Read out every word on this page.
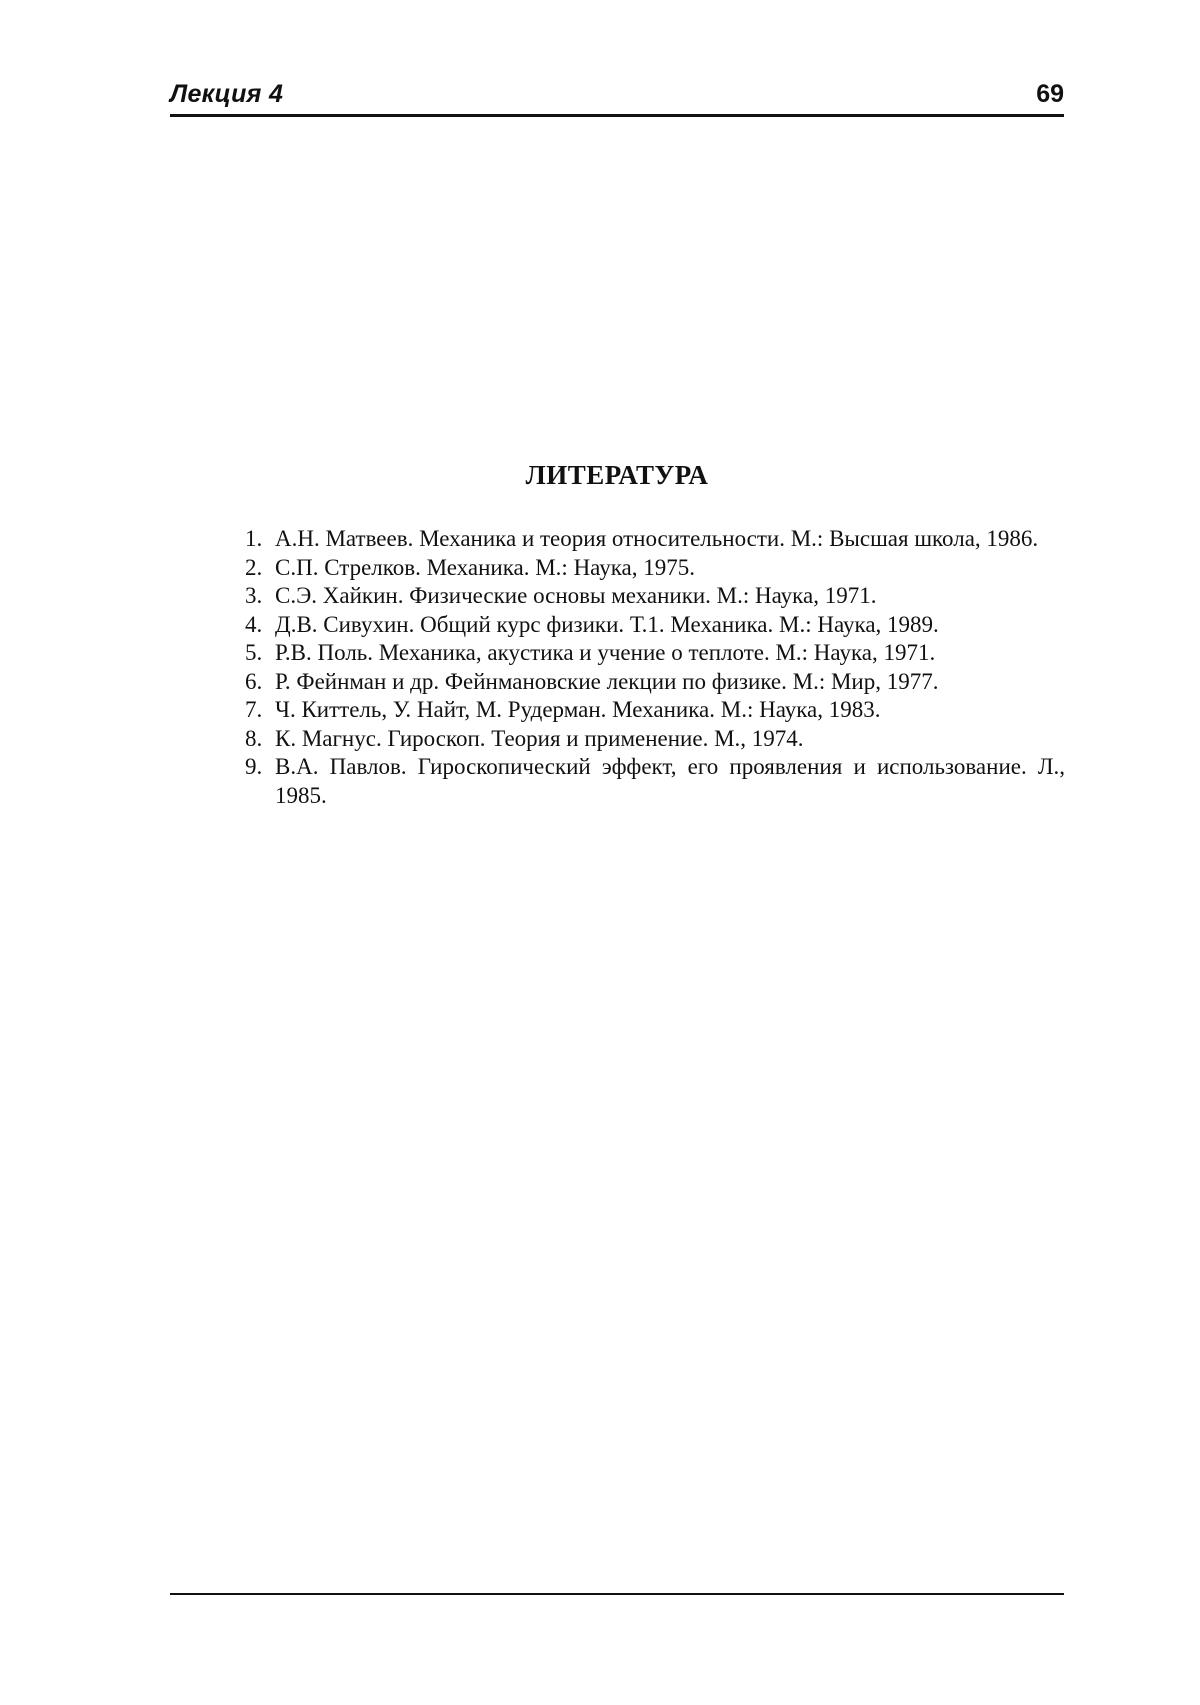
Лекция 4	69
ЛИТЕРАТУРА
1. А.Н. Матвеев. Механика и теория относительности. М.: Высшая школа, 1986.
2. С.П. Стрелков. Механика. М.: Наука, 1975.
3. С.Э. Хайкин. Физические основы механики. М.: Наука, 1971.
4. Д.В. Сивухин. Общий курс физики. Т.1. Механика. М.: Наука, 1989.
5. Р.В. Поль. Механика, акустика и учение о теплоте. М.: Наука, 1971.
6. Р. Фейнман и др. Фейнмановские лекции по физике. М.: Мир, 1977.
7. Ч. Киттель, У. Найт, М. Рудерман. Механика. М.: Наука, 1983.
8. К. Магнус. Гироскоп. Теория и применение. М., 1974.
9. В.А. Павлов. Гироскопический эффект, его проявления и использование. Л., 1985.
